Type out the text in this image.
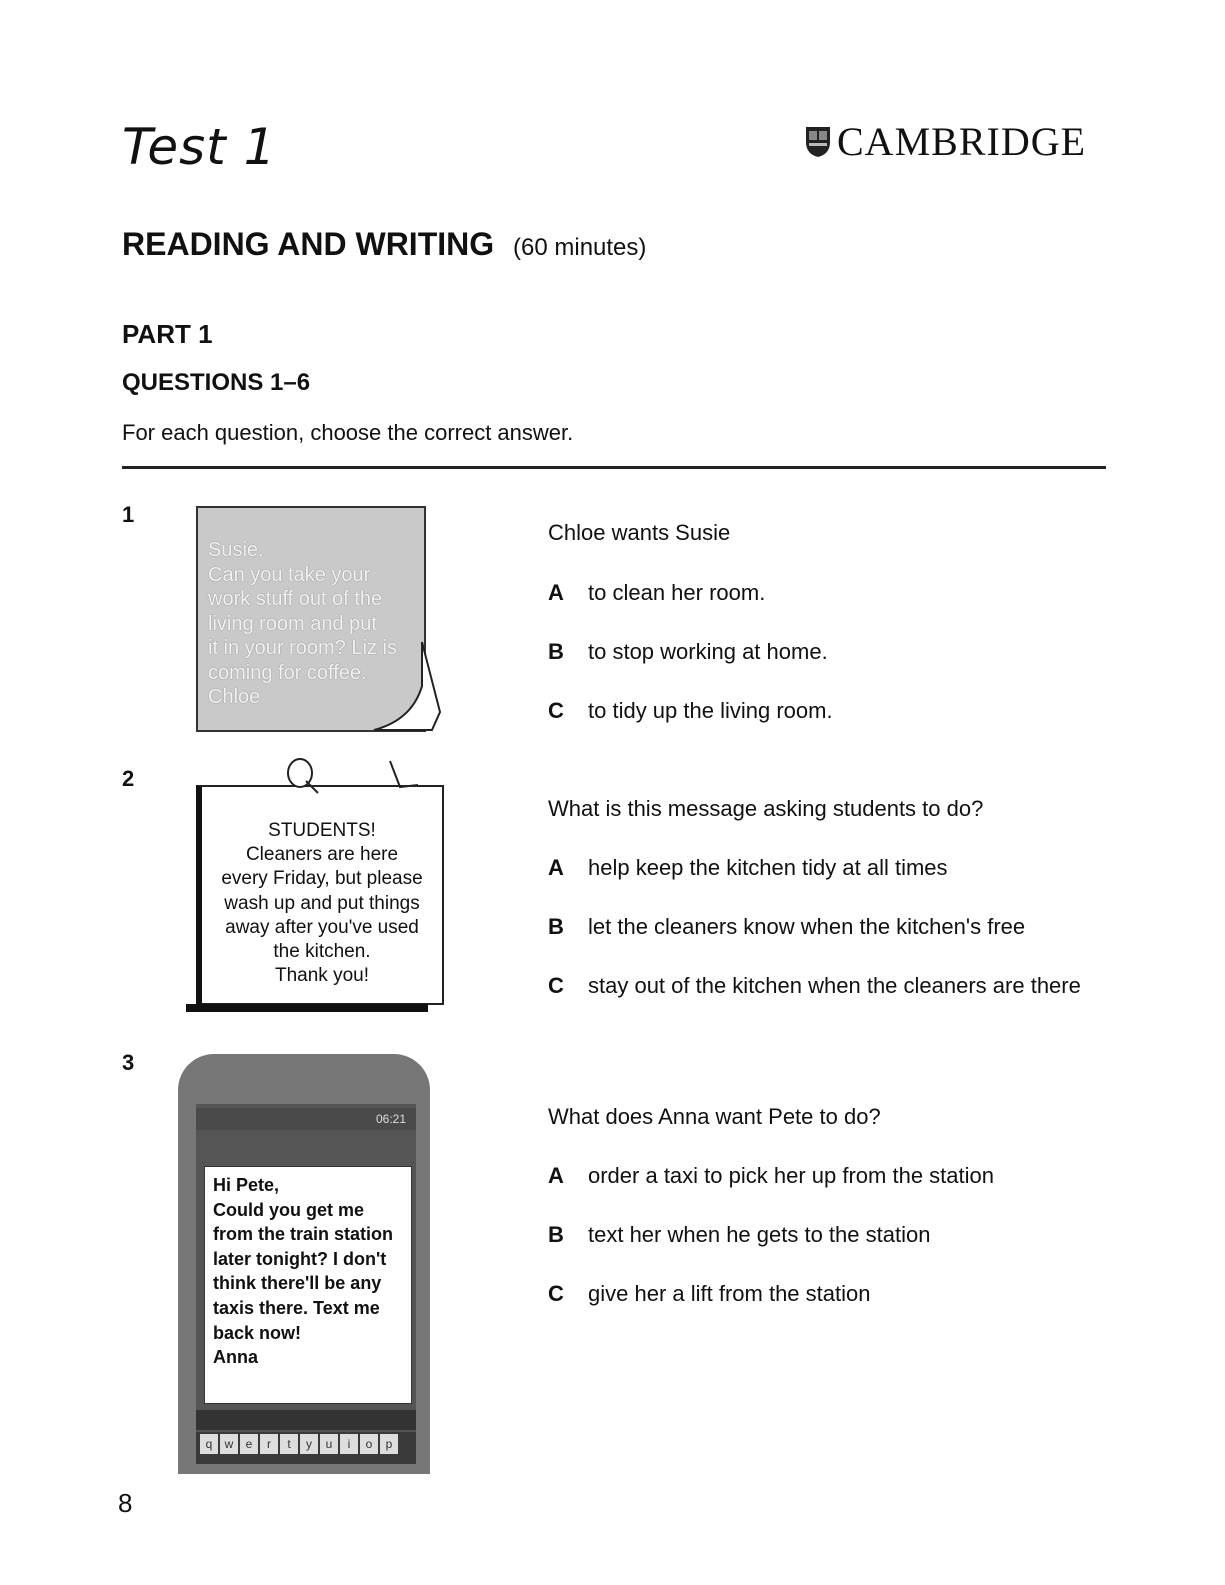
Test 1	CAMBRIDGE
READING AND WRITING (60 minutes)
PART 1
QUESTIONS 1–6
For each question, choose the correct answer.
1
Susie,
Can you take your
work stuff out of the
living room and put
it in your room? Liz is
coming for coffee.
Chloe
Chloe wants Susie
A	to clean her room.
B	to stop working at home.
C	to tidy up the living room.
2
STUDENTS!
Cleaners are here
every Friday, but please
wash up and put things
away after you've used
the kitchen.
Thank you!
What is this message asking students to do?
A	help keep the kitchen tidy at all times
B	let the cleaners know when the kitchen's free
C	stay out of the kitchen when the cleaners are there
3
06:21
Hi Pete,
Could you get me
from the train station
later tonight? I don't
think there'll be any
taxis there. Text me
back now!
Anna
q	w	e	r	t	y	u	i	o	p
What does Anna want Pete to do?
A	order a taxi to pick her up from the station
B	text her when he gets to the station
C	give her a lift from the station
8
